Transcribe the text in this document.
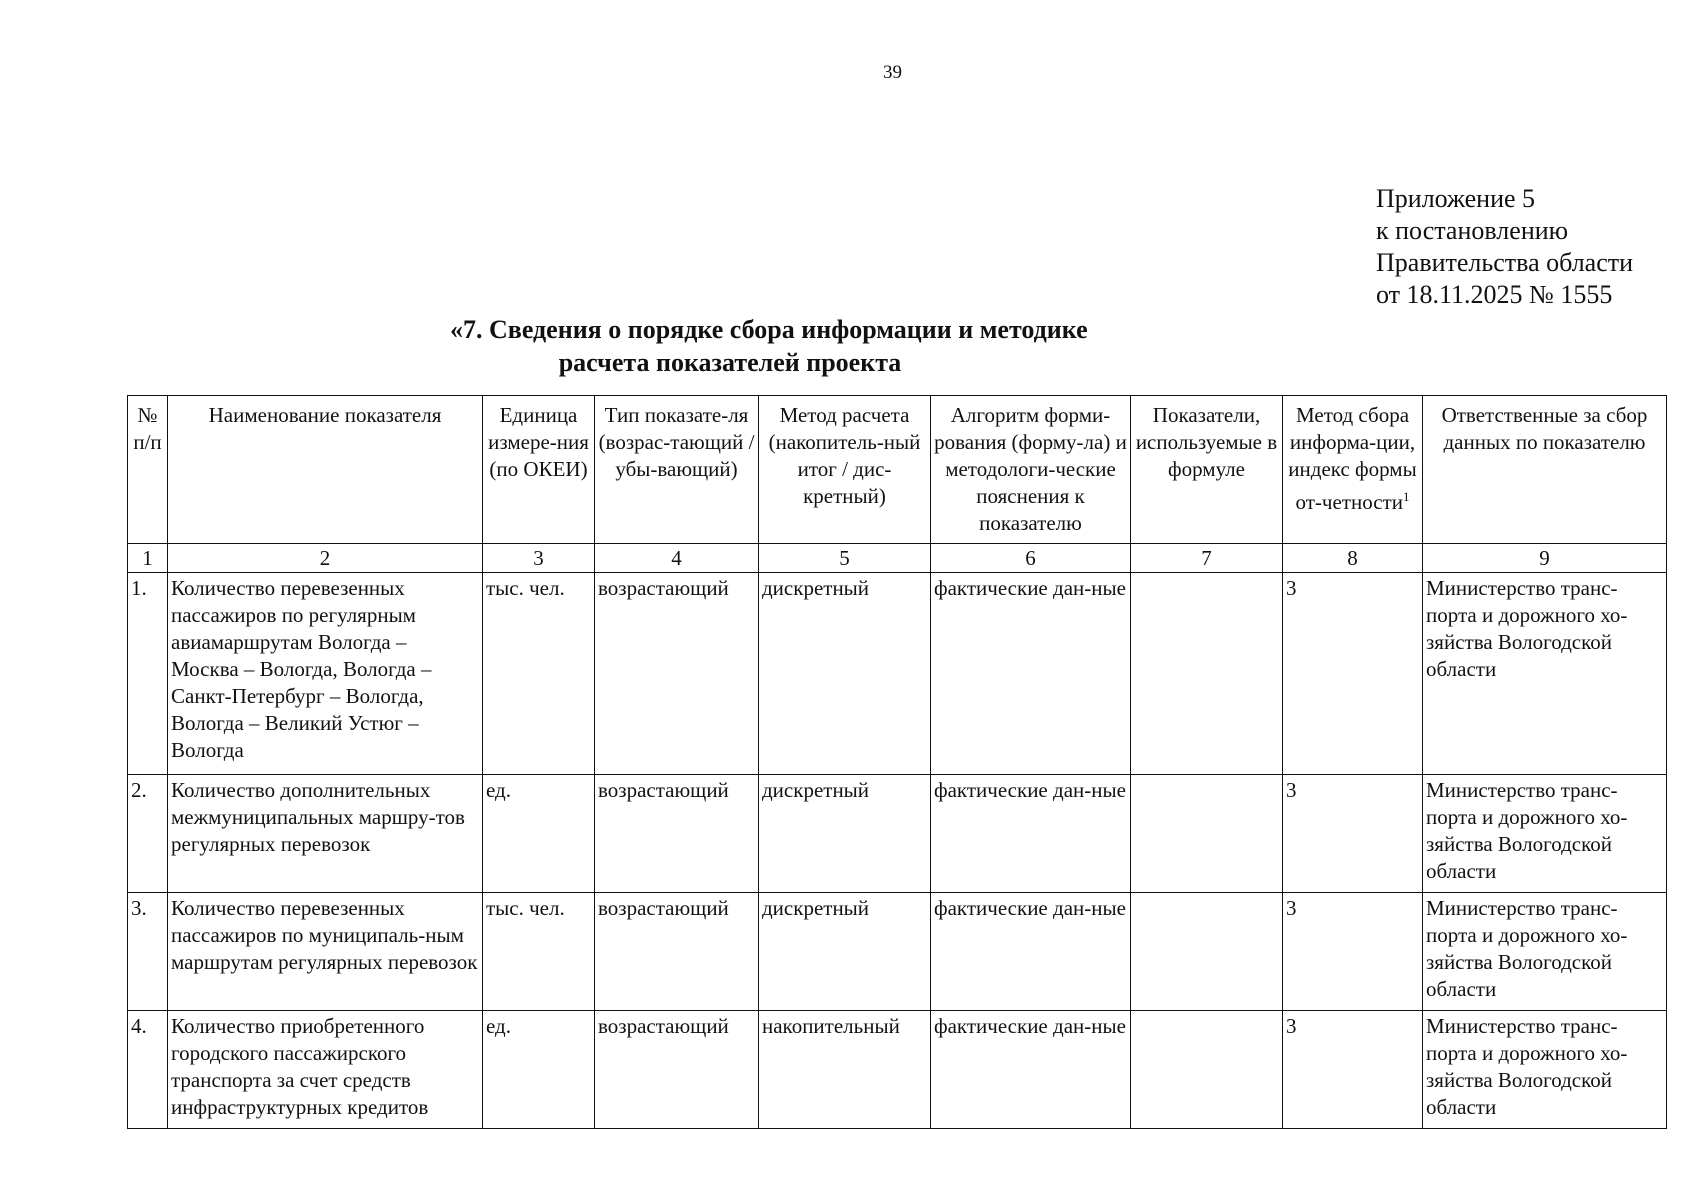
39
Приложение 5
к постановлению
Правительства области
от 18.11.2025 № 1555
«7. Сведения о порядке сбора информации и методике
расчета показателей проекта
№ п/п	Наименование показателя	Единица измере-ния (по ОКЕИ)	Тип показате-ля (возрас-тающий / убы-вающий)	Метод расчета (накопитель-ный итог / дис-кретный)	Алгоритм форми-рования (форму-ла) и методологи-ческие пояснения к показателю	Показатели, используемые в формуле	Метод сбора информа-ции, индекс формы от-четности$^1$	Ответственные за сбор данных по показателю
1	2	3	4	5	6	7	8	9
1.	Количество перевезенных пассажиров по регулярным авиамаршрутам Вологда – Москва – Вологда, Вологда – Санкт-Петербург – Вологда, Вологда – Великий Устюг – Вологда	тыс. чел.	возрастающий	дискретный	фактические дан-ные		3	Министерство транс-порта и дорожного хо-зяйства Вологодской области
2.	Количество дополнительных межмуниципальных маршру-тов регулярных перевозок	ед.	возрастающий	дискретный	фактические дан-ные		3	Министерство транс-порта и дорожного хо-зяйства Вологодской области
3.	Количество перевезенных пассажиров по муниципаль-ным маршрутам регулярных перевозок	тыс. чел.	возрастающий	дискретный	фактические дан-ные		3	Министерство транс-порта и дорожного хо-зяйства Вологодской области
4.	Количество приобретенного городского пассажирского транспорта за счет средств инфраструктурных кредитов	ед.	возрастающий	накопительный	фактические дан-ные		3	Министерство транс-порта и дорожного хо-зяйства Вологодской области
